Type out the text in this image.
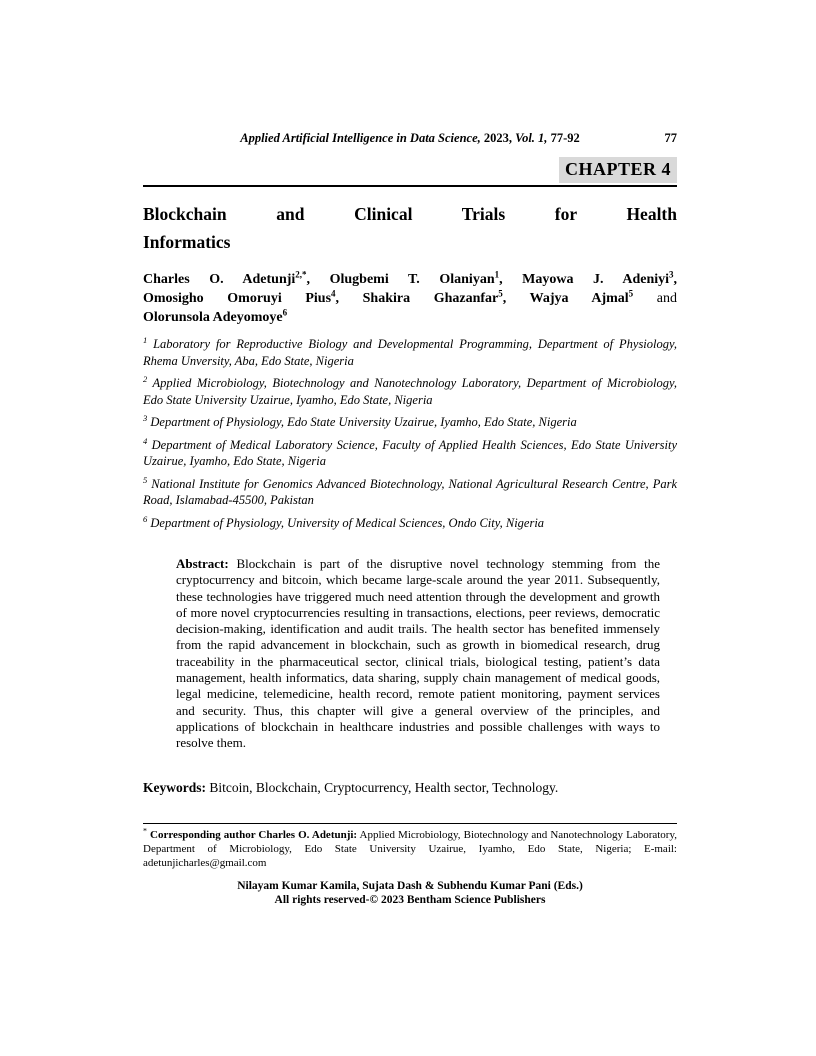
Applied Artificial Intelligence in Data Science, 2023, Vol. 1, 77-92	77
CHAPTER 4
Blockchain and Clinical Trials for Health
Informatics
Charles O. Adetunji$^{2,*}$, Olugbemi T. Olaniyan$^1$, Mayowa J. Adeniyi$^3$,
Omosigho Omoruyi Pius$^4$, Shakira Ghazanfar$^5$, Wajya Ajmal$^5$ and
Olorunsola Adeyomoye$^6$

$^1$ Laboratory for Reproductive Biology and Developmental Programming, Department of Physiology, Rhema Unversity, Aba, Edo State, Nigeria

$^2$ Applied Microbiology, Biotechnology and Nanotechnology Laboratory, Department of Microbiology, Edo State University Uzairue, Iyamho, Edo State, Nigeria

$^3$ Department of Physiology, Edo State University Uzairue, Iyamho, Edo State, Nigeria

$^4$ Department of Medical Laboratory Science, Faculty of Applied Health Sciences, Edo State University Uzairue, Iyamho, Edo State, Nigeria

$^5$ National Institute for Genomics Advanced Biotechnology, National Agricultural Research Centre, Park Road, Islamabad-45500, Pakistan

$^6$ Department of Physiology, University of Medical Sciences, Ondo City, Nigeria

Abstract: Blockchain is part of the disruptive novel technology stemming from the cryptocurrency and bitcoin, which became large-scale around the year 2011. Subsequently, these technologies have triggered much need attention through the development and growth of more novel cryptocurrencies resulting in transactions, elections, peer reviews, democratic decision-making, identification and audit trails. The health sector has benefited immensely from the rapid advancement in blockchain, such as growth in biomedical research, drug traceability in the pharmaceutical sector, clinical trials, biological testing, patient’s data management, health informatics, data sharing, supply chain management of medical goods, legal medicine, telemedicine, health record, remote patient monitoring, payment services and security. Thus, this chapter will give a general overview of the principles, and applications of blockchain in healthcare industries and possible challenges with ways to resolve them.
Keywords: Bitcoin, Blockchain, Cryptocurrency, Health sector, Technology.
* Corresponding author Charles O. Adetunji: Applied Microbiology, Biotechnology and Nanotechnology Laboratory, Department of Microbiology, Edo State University Uzairue, Iyamho, Edo State, Nigeria; E-mail: adetunjicharles@gmail.com
Nilayam Kumar Kamila, Sujata Dash & Subhendu Kumar Pani (Eds.)
All rights reserved-© 2023 Bentham Science Publishers
